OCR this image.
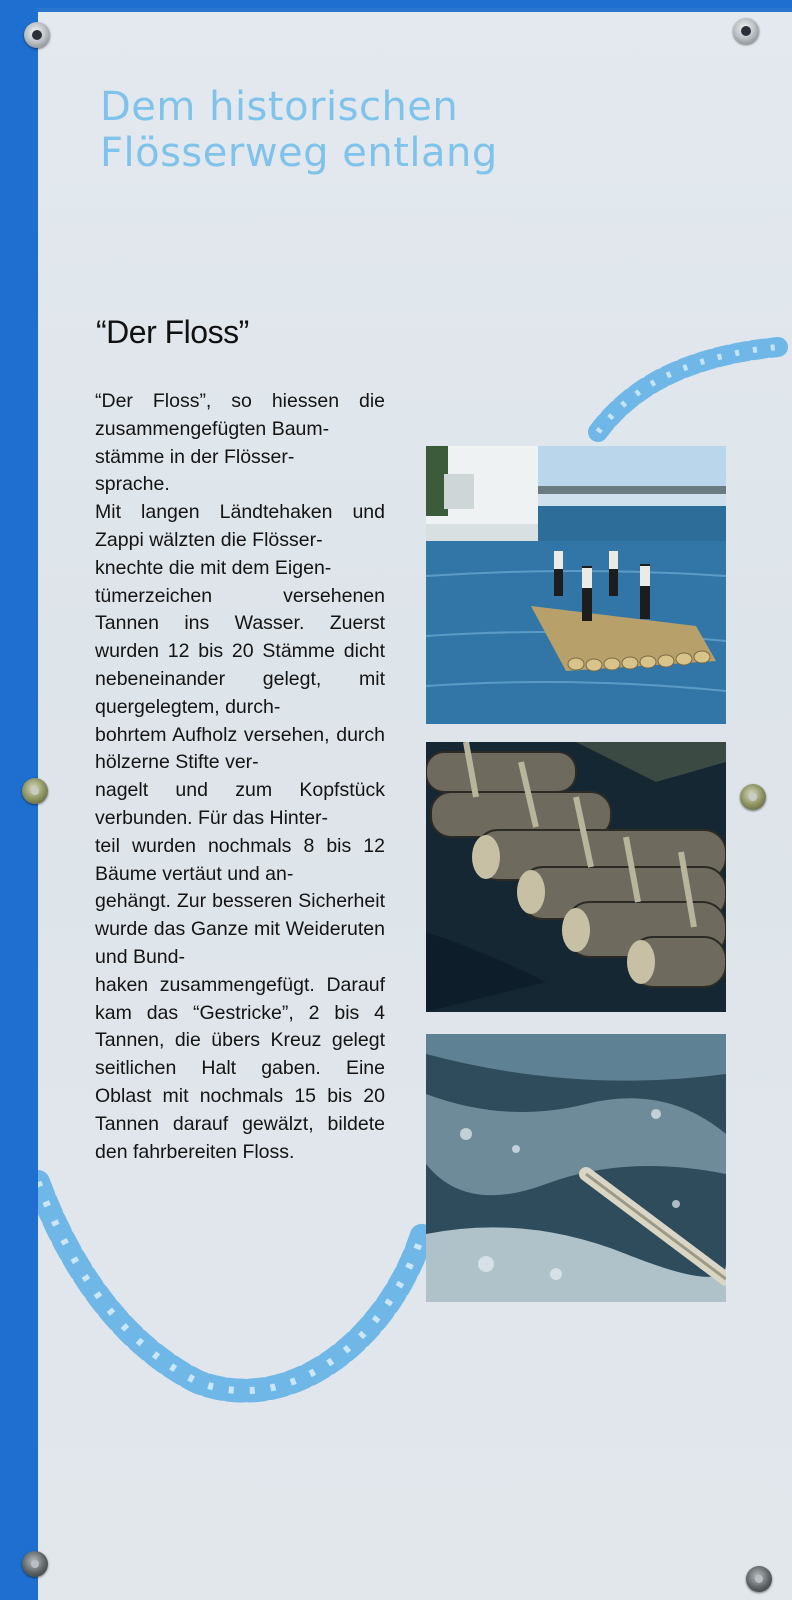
Dem historischen
Flösserweg entlang
“Der Floss”
“Der Floss”, so hiessen die zusammengefügten Baum-
stämme in der Flösser-
sprache.
Mit langen Ländtehaken und Zappi wälzten die Flösser-
knechte die mit dem Eigen-
tümerzeichen versehenen Tannen ins Wasser. Zuerst wurden 12 bis 20 Stämme dicht nebeneinander gelegt, mit quergelegtem, durch-
bohrtem Aufholz versehen, durch hölzerne Stifte ver-
nagelt und zum Kopfstück verbunden. Für das Hinter-
teil wurden nochmals 8 bis 12 Bäume vertäut und an-
gehängt. Zur besseren Sicherheit wurde das Ganze mit Weideruten und Bund-
haken zusammengefügt. Darauf kam das “Gestricke”, 2 bis 4 Tannen, die übers Kreuz gelegt seitlichen Halt gaben. Eine Oblast mit nochmals 15 bis 20 Tannen darauf gewälzt, bildete den fahrbereiten Floss.
